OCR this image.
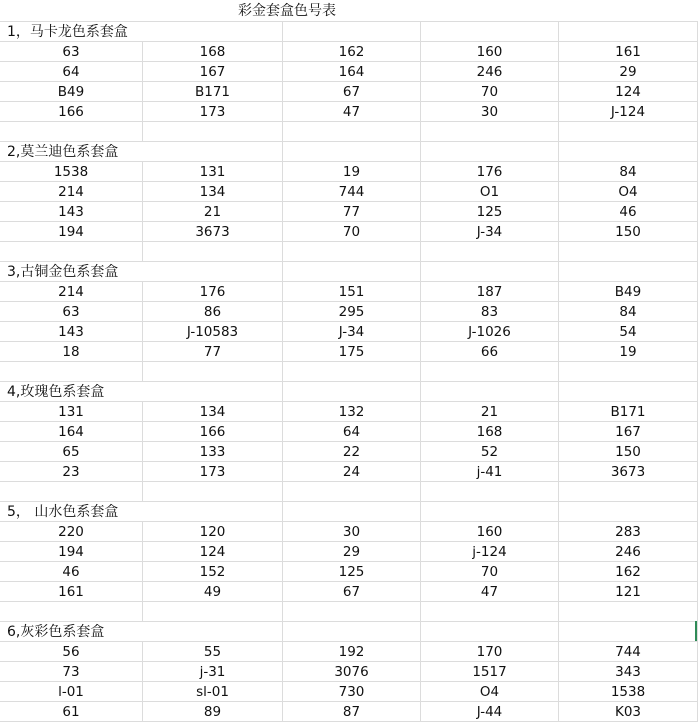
彩金套盒色号表
1，马卡龙色系套盒
63	168	162	160	161
64	167	164	246	29
B49	B171	67	70	124
166	173	47	30	J-124
2,莫兰迪色系套盒
1538	131	19	176	84
214	134	744	O1	O4
143	21	77	125	46
194	3673	70	J-34	150
3,古铜金色系套盒
214	176	151	187	B49
63	86	295	83	84
143	J-10583	J-34	J-1026	54
18	77	175	66	19
4,玫瑰色系套盒
131	134	132	21	B171
164	166	64	168	167
65	133	22	52	150
23	173	24	j-41	3673
5， 山水色系套盒
220	120	30	160	283
194	124	29	j-124	246
46	152	125	70	162
161	49	67	47	121
6,灰彩色系套盒
56	55	192	170	744
73	j-31	3076	1517	343
l-01	sl-01	730	O4	1538
61	89	87	J-44	K03
